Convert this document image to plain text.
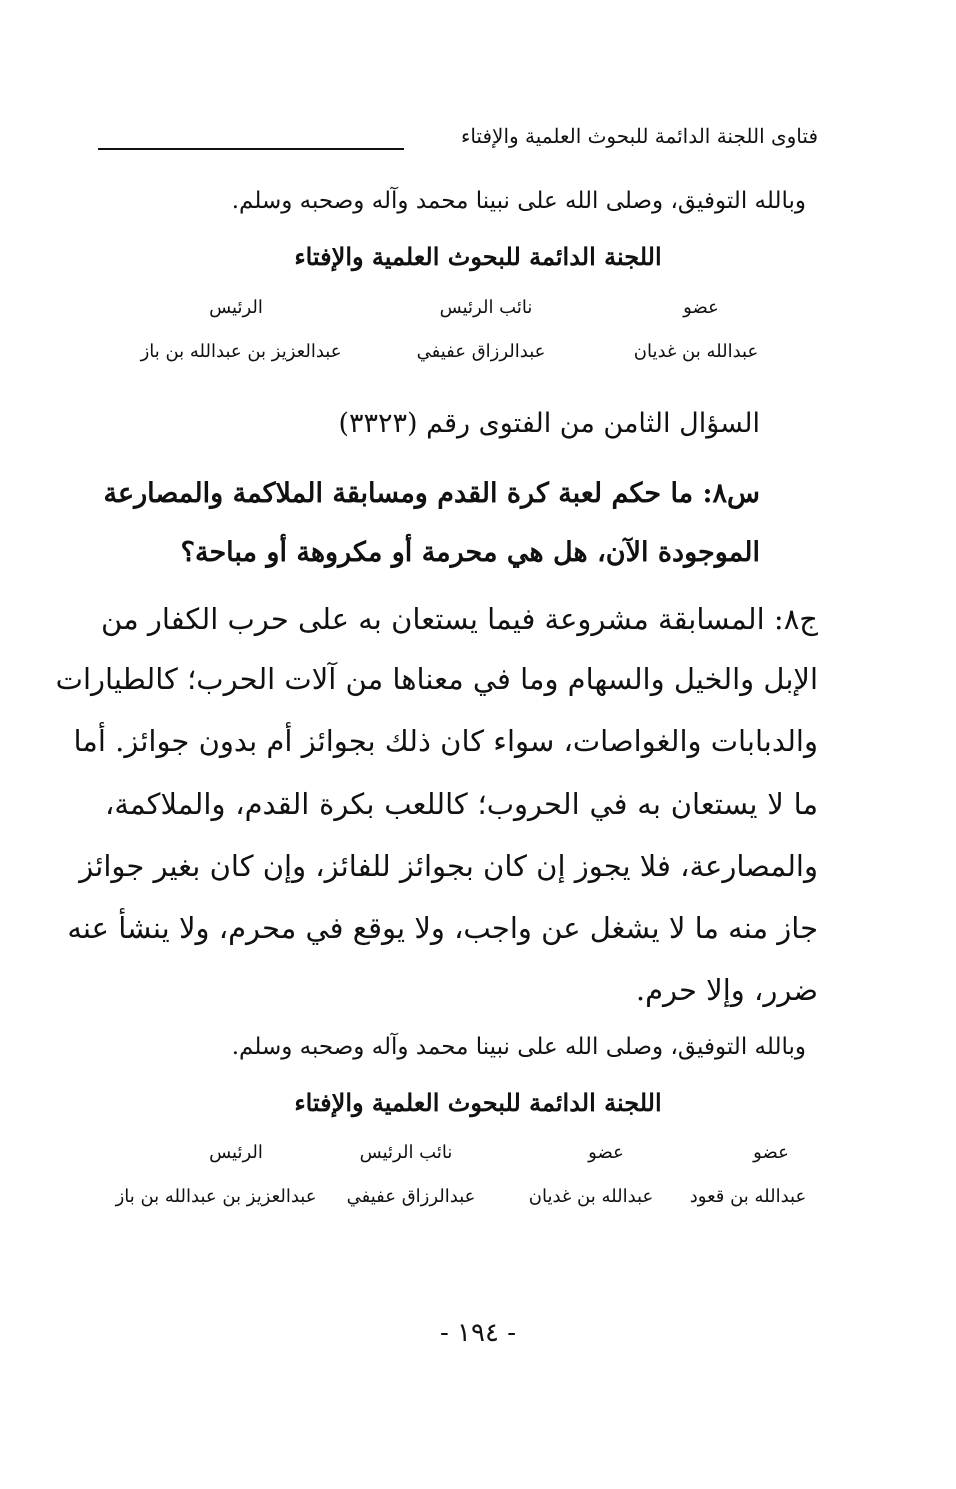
فتاوى اللجنة الدائمة للبحوث العلمية والإفتاء
وبالله التوفيق، وصلى الله على نبينا محمد وآله وصحبه وسلم.
اللجنة الدائمة للبحوث العلمية والإفتاء
عضو
نائب الرئيس
الرئيس
عبدالله بن غديان
عبدالرزاق عفيفي
عبدالعزيز بن عبدالله بن باز
السؤال الثامن من الفتوى رقم (٣٣٢٣)
س٨: ما حكم لعبة كرة القدم ومسابقة الملاكمة والمصارعة
الموجودة الآن، هل هي محرمة أو مكروهة أو مباحة؟
ج٨: المسابقة مشروعة فيما يستعان به على حرب الكفار من
الإبل والخيل والسهام وما في معناها من آلات الحرب؛ كالطيارات
والدبابات والغواصات، سواء كان ذلك بجوائز أم بدون جوائز. أما
ما لا يستعان به في الحروب؛ كاللعب بكرة القدم، والملاكمة،
والمصارعة، فلا يجوز إن كان بجوائز للفائز، وإن كان بغير جوائز
جاز منه ما لا يشغل عن واجب، ولا يوقع في محرم، ولا ينشأ عنه
ضرر، وإلا حرم.
وبالله التوفيق، وصلى الله على نبينا محمد وآله وصحبه وسلم.
اللجنة الدائمة للبحوث العلمية والإفتاء
عضو
عضو
نائب الرئيس
الرئيس
عبدالله بن قعود
عبدالله بن غديان
عبدالرزاق عفيفي
عبدالعزيز بن عبدالله بن باز
- ١٩٤ -
